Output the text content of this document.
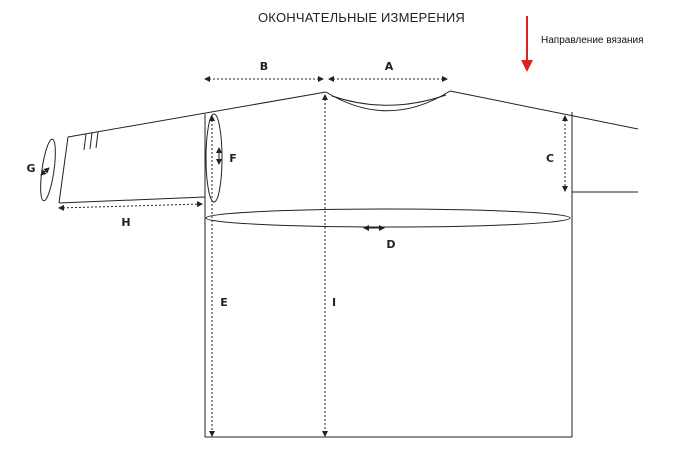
ОКОНЧАТЕЛЬНЫЕ ИЗМЕРЕНИЯ
Направление вязания
B	A
C
D
E
F
G
H
I
